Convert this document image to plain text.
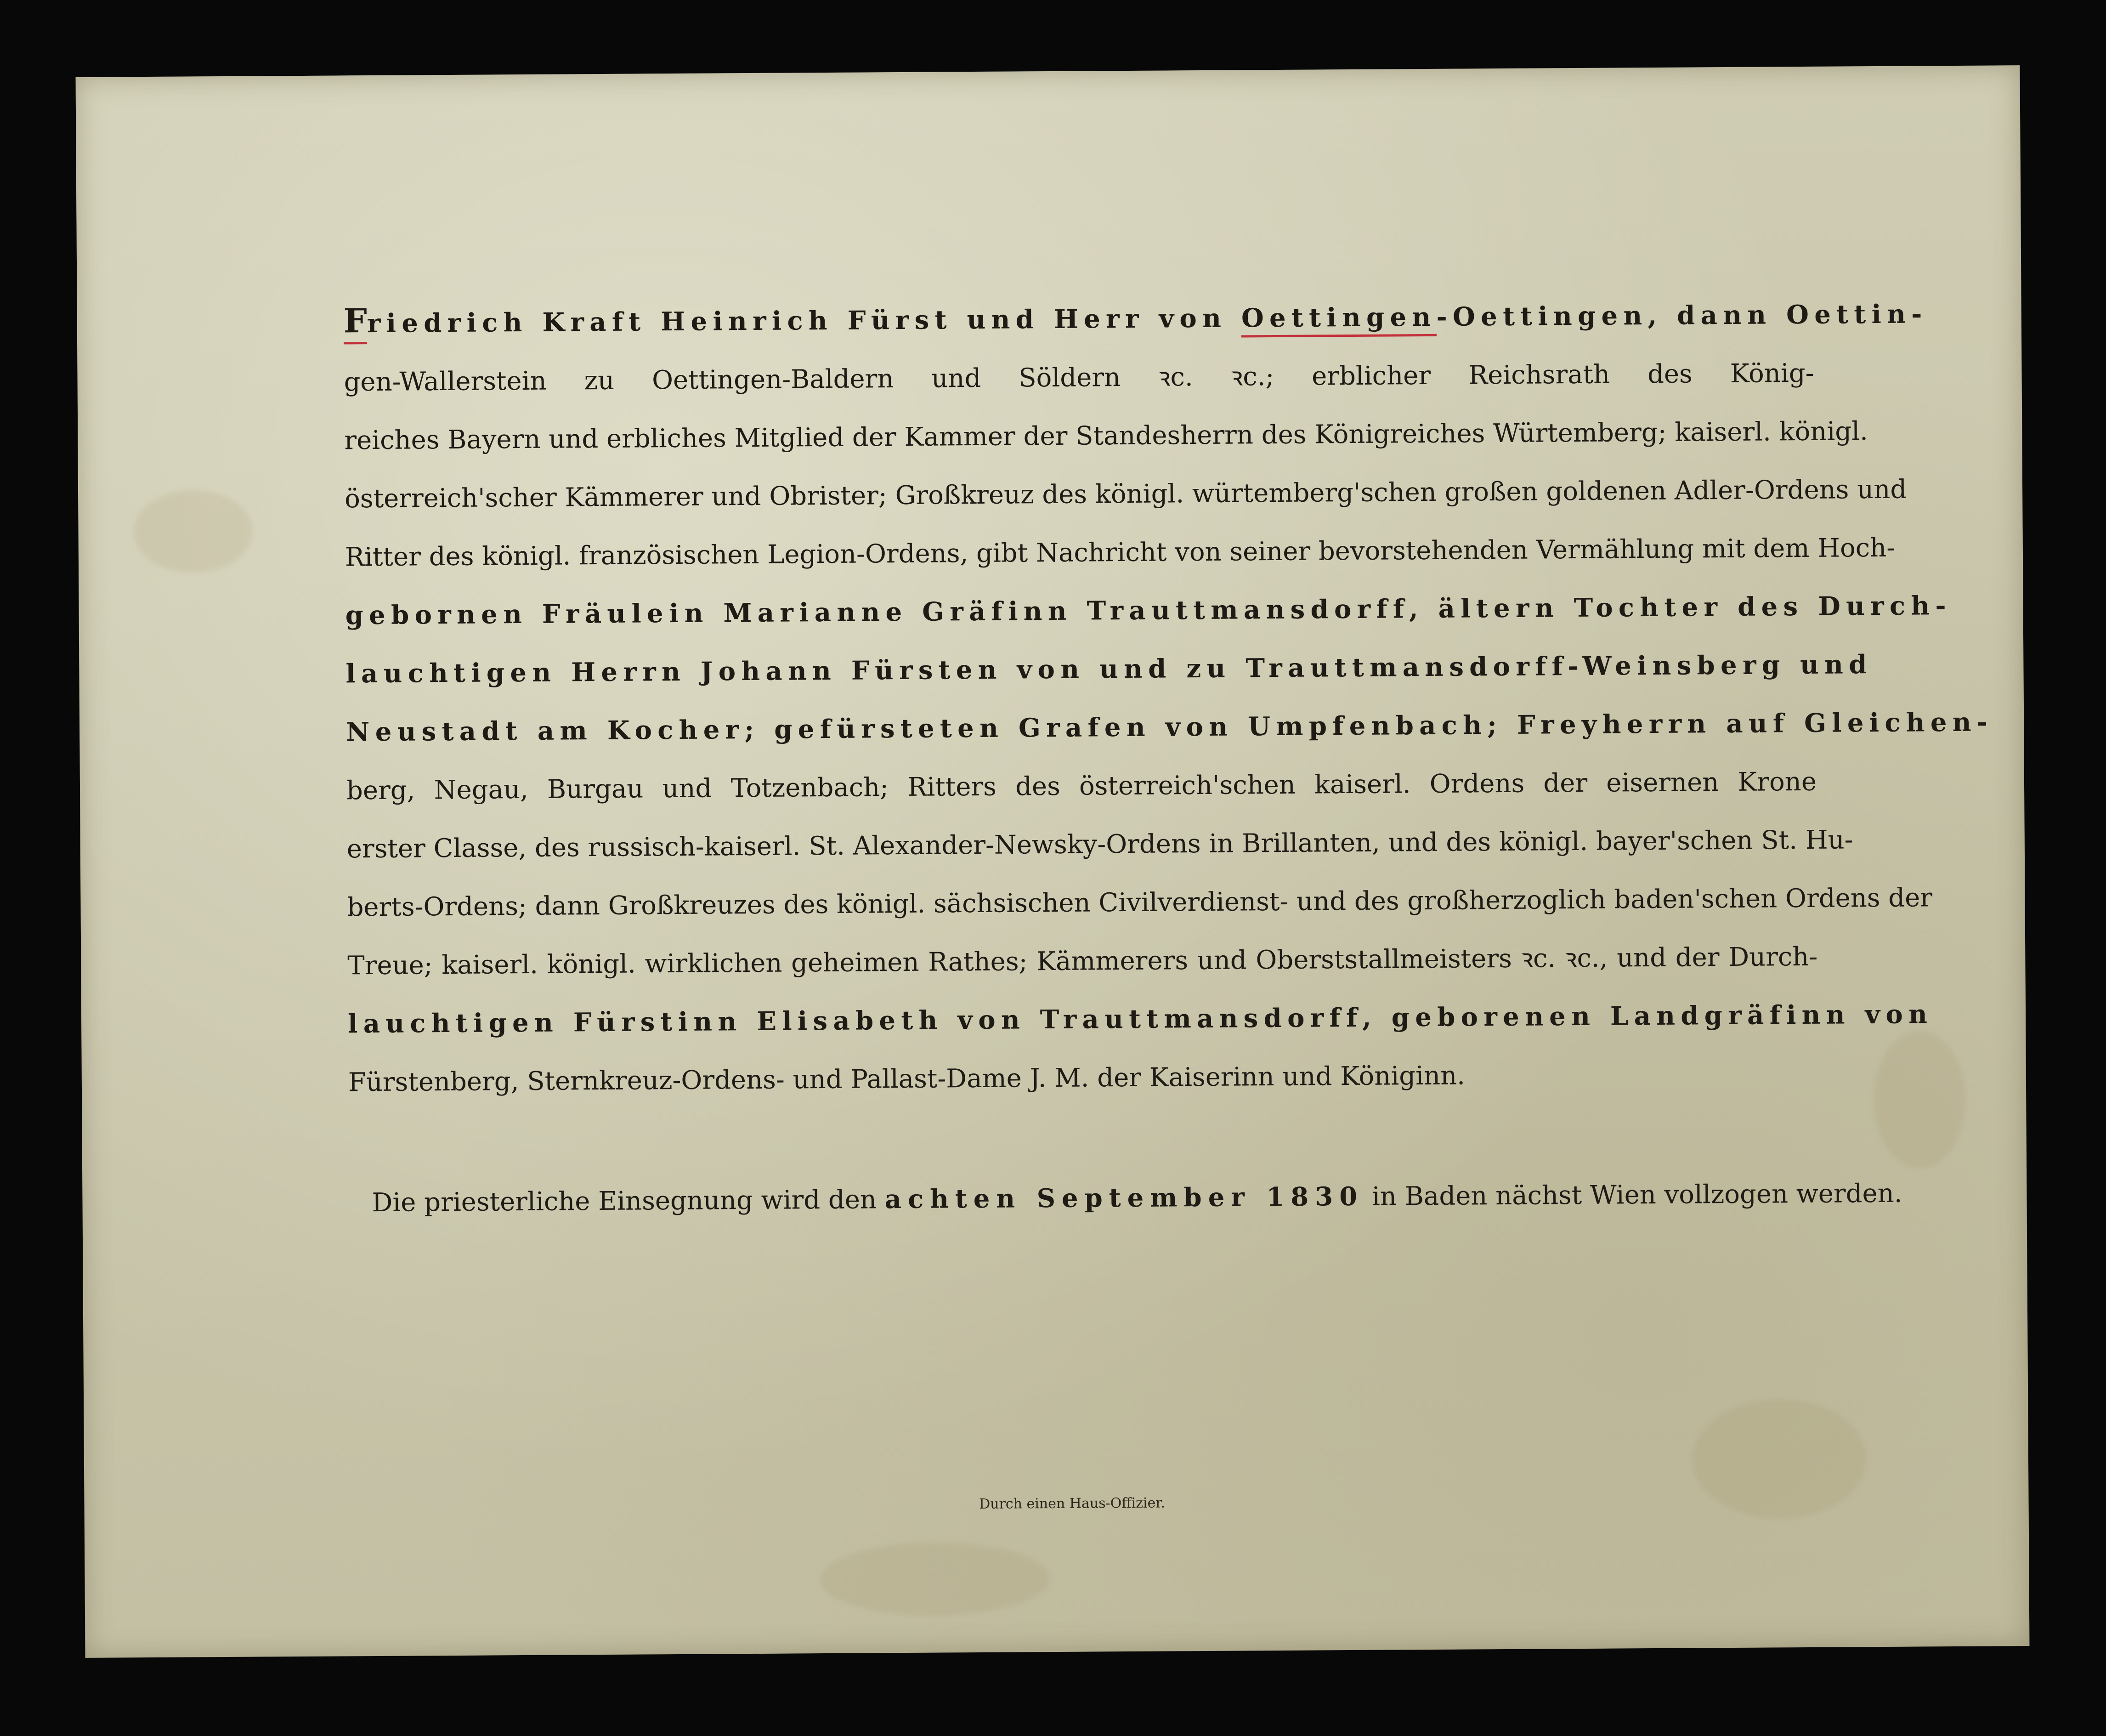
Friedrich Kraft Heinrich Fürst und Herr von Oettingen-Oettingen, dann Oettin-
gen-Wallerstein zu Oettingen-Baldern und Söldern ꝛc. ꝛc.; erblicher Reichsrath des König-
reiches Bayern und erbliches Mitglied der Kammer der Standesherrn des Königreiches Würtemberg; kaiserl. königl.
österreich'scher Kämmerer und Obrister; Großkreuz des königl. würtemberg'schen großen goldenen Adler-Ordens und
Ritter des königl. französischen Legion-Ordens, gibt Nachricht von seiner bevorstehenden Vermählung mit dem Hoch-
gebornen Fräulein Marianne Gräfinn Trauttmansdorff, ältern Tochter des Durch-
lauchtigen Herrn Johann Fürsten von und zu Trauttmansdorff-Weinsberg und
Neustadt am Kocher; gefürsteten Grafen von Umpfenbach; Freyherrn auf Gleichen-
berg, Negau, Burgau und Totzenbach; Ritters des österreich'schen kaiserl. Ordens der eisernen Krone
erster Classe, des russisch-kaiserl. St. Alexander-Newsky-Ordens in Brillanten, und des königl. bayer'schen St. Hu-
berts-Ordens; dann Großkreuzes des königl. sächsischen Civilverdienst- und des großherzoglich baden'schen Ordens der
Treue; kaiserl. königl. wirklichen geheimen Rathes; Kämmerers und Oberststallmeisters ꝛc. ꝛc., und der Durch-
lauchtigen Fürstinn Elisabeth von Trauttmansdorff, geborenen Landgräfinn von
Fürstenberg, Sternkreuz-Ordens- und Pallast-Dame J. M. der Kaiserinn und Königinn.
Die priesterliche Einsegnung wird den achten September 1830 in Baden nächst Wien vollzogen werden.
Durch einen Haus-Offizier.
